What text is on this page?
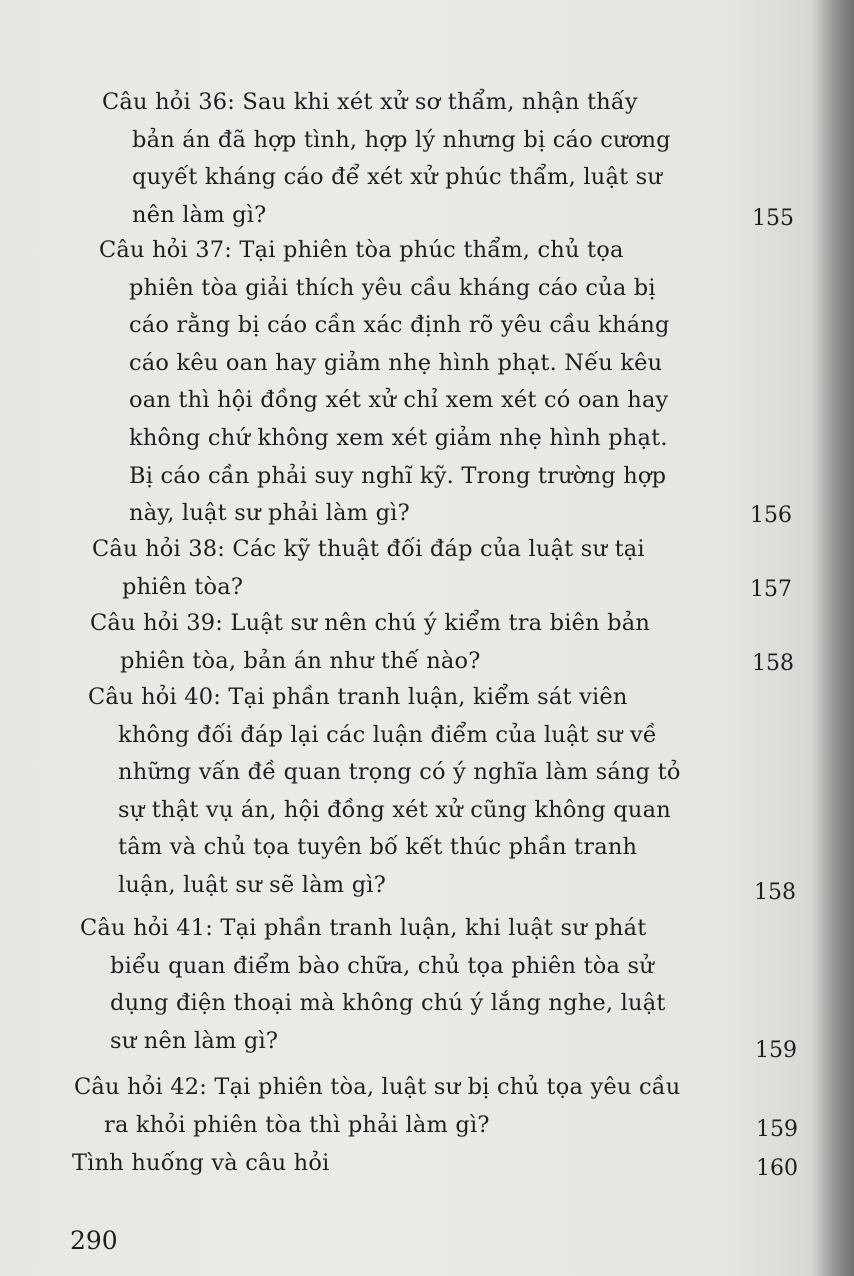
Câu hỏi 36: Sau khi xét xử sơ thẩm, nhận thấy
bản án đã hợp tình, hợp lý nhưng bị cáo cương
quyết kháng cáo để xét xử phúc thẩm, luật sư
nên làm gì?	155
Câu hỏi 37: Tại phiên tòa phúc thẩm, chủ tọa
phiên tòa giải thích yêu cầu kháng cáo của bị
cáo rằng bị cáo cần xác định rõ yêu cầu kháng
cáo kêu oan hay giảm nhẹ hình phạt. Nếu kêu
oan thì hội đồng xét xử chỉ xem xét có oan hay
không chứ không xem xét giảm nhẹ hình phạt.
Bị cáo cần phải suy nghĩ kỹ. Trong trường hợp
này, luật sư phải làm gì?	156
Câu hỏi 38: Các kỹ thuật đối đáp của luật sư tại
phiên tòa?	157
Câu hỏi 39: Luật sư nên chú ý kiểm tra biên bản
phiên tòa, bản án như thế nào?	158
Câu hỏi 40: Tại phần tranh luận, kiểm sát viên
không đối đáp lại các luận điểm của luật sư về
những vấn đề quan trọng có ý nghĩa làm sáng tỏ
sự thật vụ án, hội đồng xét xử cũng không quan
tâm và chủ tọa tuyên bố kết thúc phần tranh
luận, luật sư sẽ làm gì?	158
Câu hỏi 41: Tại phần tranh luận, khi luật sư phát
biểu quan điểm bào chữa, chủ tọa phiên tòa sử
dụng điện thoại mà không chú ý lắng nghe, luật
sư nên làm gì?	159
Câu hỏi 42: Tại phiên tòa, luật sư bị chủ tọa yêu cầu
ra khỏi phiên tòa thì phải làm gì?	159
Tình huống và câu hỏi	160
290
